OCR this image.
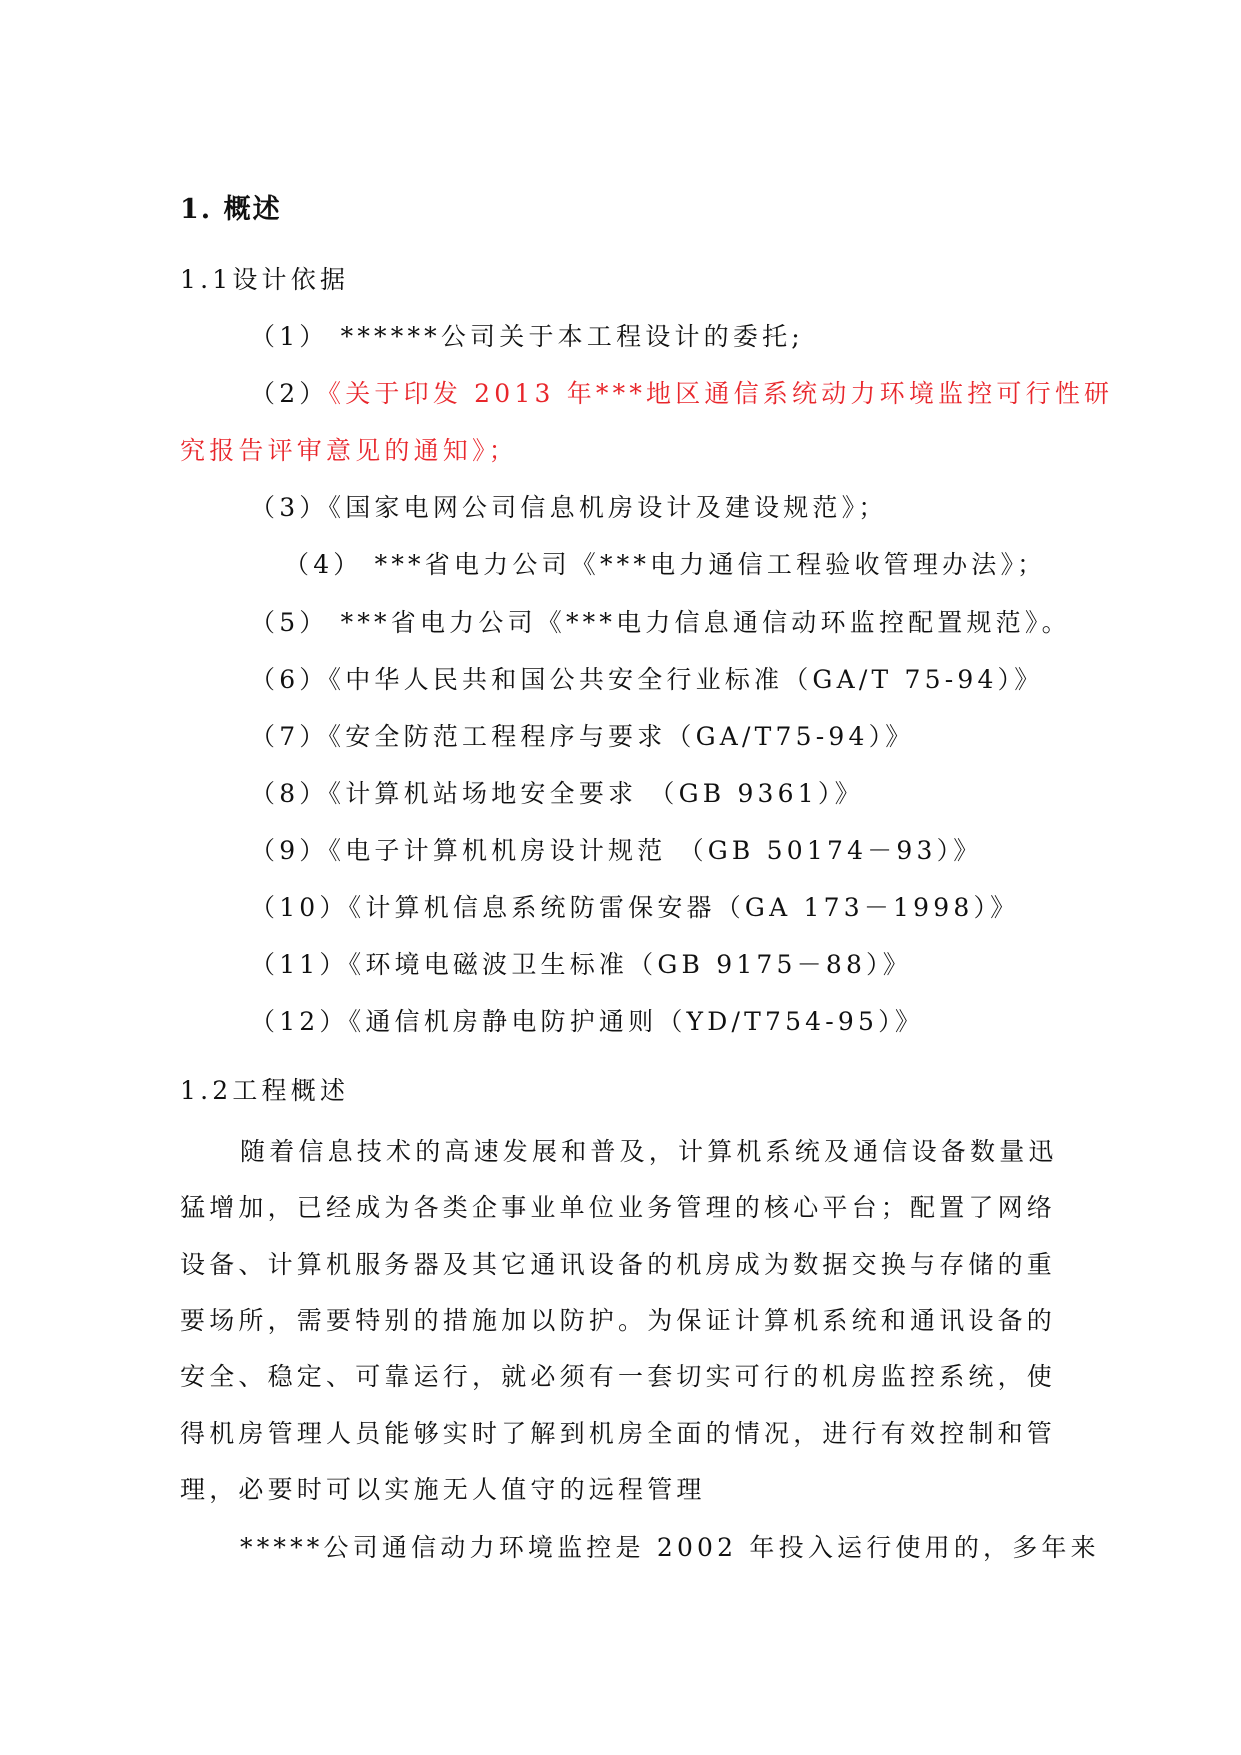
1. 概述
1.1设计依据
（1） ******公司关于本工程设计的委托;
（2）《关于印发 2013 年***地区通信系统动力环境监控可行性研
究报告评审意见的通知》；
（3）《国家电网公司信息机房设计及建设规范》；
（4） ***省电力公司《***电力通信工程验收管理办法》；
（5） ***省电力公司《***电力信息通信动环监控配置规范》。
（6）《中华人民共和国公共安全行业标准（GA/T 75-94）》
（7）《安全防范工程程序与要求（GA/T75-94）》
（8）《计算机站场地安全要求 （GB 9361）》
（9）《电子计算机机房设计规范 （GB 50174－93）》
（10）《计算机信息系统防雷保安器（GA 173－1998）》
（11）《环境电磁波卫生标准（GB 9175－88）》
（12）《通信机房静电防护通则（YD/T754-95）》
1.2工程概述
随着信息技术的高速发展和普及，计算机系统及通信设备数量迅
猛增加，已经成为各类企事业单位业务管理的核心平台；配置了网络
设备、计算机服务器及其它通讯设备的机房成为数据交换与存储的重
要场所，需要特别的措施加以防护。为保证计算机系统和通讯设备的
安全、稳定、可靠运行，就必须有一套切实可行的机房监控系统，使
得机房管理人员能够实时了解到机房全面的情况，进行有效控制和管
理，必要时可以实施无人值守的远程管理
*****公司通信动力环境监控是 2002 年投入运行使用的，多年来
